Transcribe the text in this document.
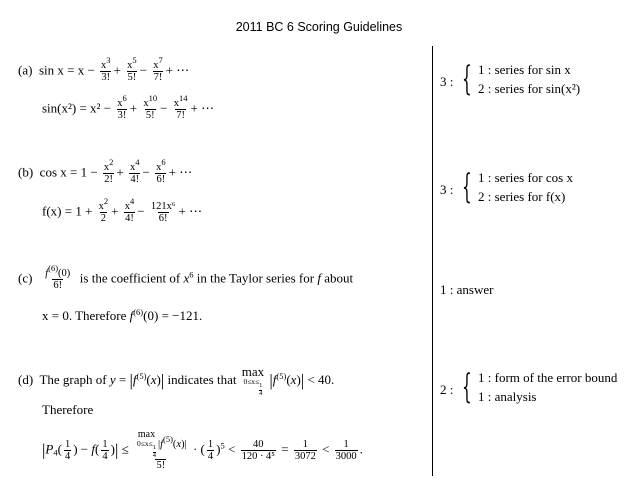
2011 BC 6 Scoring Guidelines
(a) $\sin x = x - \frac{x^3}{3!} + \frac{x^5}{5!} - \frac{x^7}{7!}$ + ⋯
$\sin(x^2) = x^2 - \frac{x^6}{3!} + \frac{x^{10}}{5!} - \frac{x^{14}}{7!}$ + ⋯
(b) $\cos x = 1 - \frac{x^2}{2!} + \frac{x^4}{4!} - \frac{x^6}{6!}$ + ⋯
$f(x) = 1 + \frac{x^2}{2} + \frac{x^4}{4!} - \frac{\text{121x⁶}}{6!}$ + ⋯
$(c) \frac{f^{(6)}(0)}{6!}$ is the coefficient of $x^6$ in the Taylor series for f about
x = 0. Therefore $f^{(6)}(0) = -121$.
(d) The graph of $y = |f^{(5)}(x)|$ indicates that
max
0≤x≤
$\frac{1}{4}$
$|f^{(5)}(x)| < 40$.
Therefore
$|P_4( \frac{1}{4}$ ) − $f( \frac{1}{4}$ )| ≤ max
0≤x≤
$\frac{1}{4}$
$|f^{(5)}(x)|$
5! · ( $\frac{1}{4} )^5 < \frac{40}{\text{120 · 4⁵}} = \frac{1}{3072} < \frac{1}{3000}$ .
3 : { 1 : series for sin x
2 : series for sin(x²)
3 : { 1 : series for cos x
2 : series for f(x)
1 : answer
2 : { 1 : form of the error bound
1 : analysis
